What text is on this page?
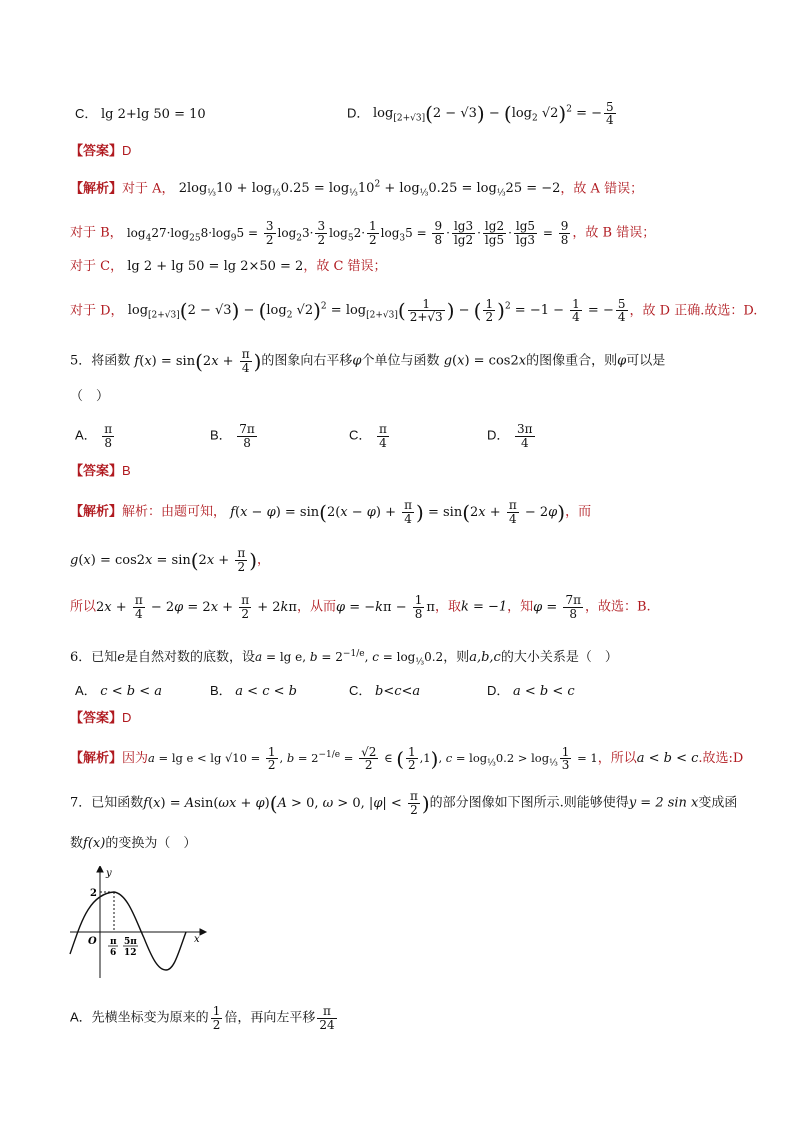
C． lg 2+lg 50 = 10	D． $\log_{[2+√3]}(2 - √3) - (\log_2$ √2)$^2$ = − $\frac{5}{4}$
【答案】D
【解析】对于 A， $2\log_{\frac{1}{3}}10 + \log_{\frac{1}{3}}0.25 = \log_{\frac{1}{3}}10^2 + \log_{\frac{1}{3}}0.25 = \log_{\frac{1}{3}}25 = -2$，故 A 错误；
对于 B， $\log_427\cdot\log_{25}8\cdot\log_95 = \frac{3}{2} \log_23\cdot \frac{3}{2} \log_52\cdot \frac{1}{2} \log_35 = \frac{9}{8} \cdot \frac{\lg 3}{\lg 2} \cdot \frac{\lg 2}{\lg 5} \cdot \frac{\lg 5}{\lg 3} = \frac{9}{8}$ ，故 B 错误；
对于 C， lg 2 + lg 50 = lg 2×50 = 2，故 C 错误；
对于 D， $\log_{[2+√3]}(2 - √3) - (\log_2$ $√2)^2 = \log_{[2+√3]}( \frac{1}{2+√3}$ ) − ( $\frac{1}{2} )^2 = -1 - \frac{1}{4}$ = − $\frac{5}{4}$ ，故 D 正确.故选：D.
5．将函数 $f(x) = \sin(2x + \frac{\pi}{4}$ )的图象向右平移φ个单位与函数 g(x) = cos2x的图像重合，则φ可以是
（　）
A． $\frac{\pi}{8}$	B． $\frac{7\pi}{8}$	C． $\frac{\pi}{4}$	D． $\frac{3\pi}{4}$
【答案】B
【解析】解析：由题可知， $f(x - \varphi) = \sin(2(x - \varphi) + \frac{\pi}{4}$ ) = $\sin(2x + \frac{\pi}{4} - 2\varphi)$，而
$g(x) = \cos 2x = \sin(2x + \frac{\pi}{2}$ )，
所以$2x + \frac{\pi}{4} - 2\varphi = 2x + \frac{\pi}{2} + 2k\pi$，从而$\varphi = -k\pi - \frac{1}{8}$ π，取k = −1，知$\varphi = \frac{7\pi}{8}$ ，故选：B.
6．已知e是自然对数的底数，设a = lg e, $b = 2^{-1/e}$, $c = \log_{\frac{1}{3}}0.2$，则a,b,c的大小关系是（　）
A． c < b < a	B． a < c < b	C． b<c<a	D． a < b < c
【答案】D
【解析】因为$a = \lg e < \lg √10 = \frac{1}{2}$ , $b = 2^{-1/e} = \frac{√2}{2}$ ∈ ( $\frac{1}{2} ,1$), $c = \log_{\frac{1}{3}}0.2 > \log_{\frac{1}{3}} \frac{1}{3} = 1$，所以a < b < c.故选:D
7．已知函数f(x) = Asin(ωx + φ)(A > 0, ω > 0, $|\varphi| < \frac{\pi}{2}$ )的部分图像如下图所示.则能够使得y = 2 sin x变成函
数f(x)的变换为（　）
y
x
O
2
π
6
5π
12
A．先横坐标变为原来的 $\frac{1}{2}$ 倍，再向左平移 $\frac{\pi}{24}$
